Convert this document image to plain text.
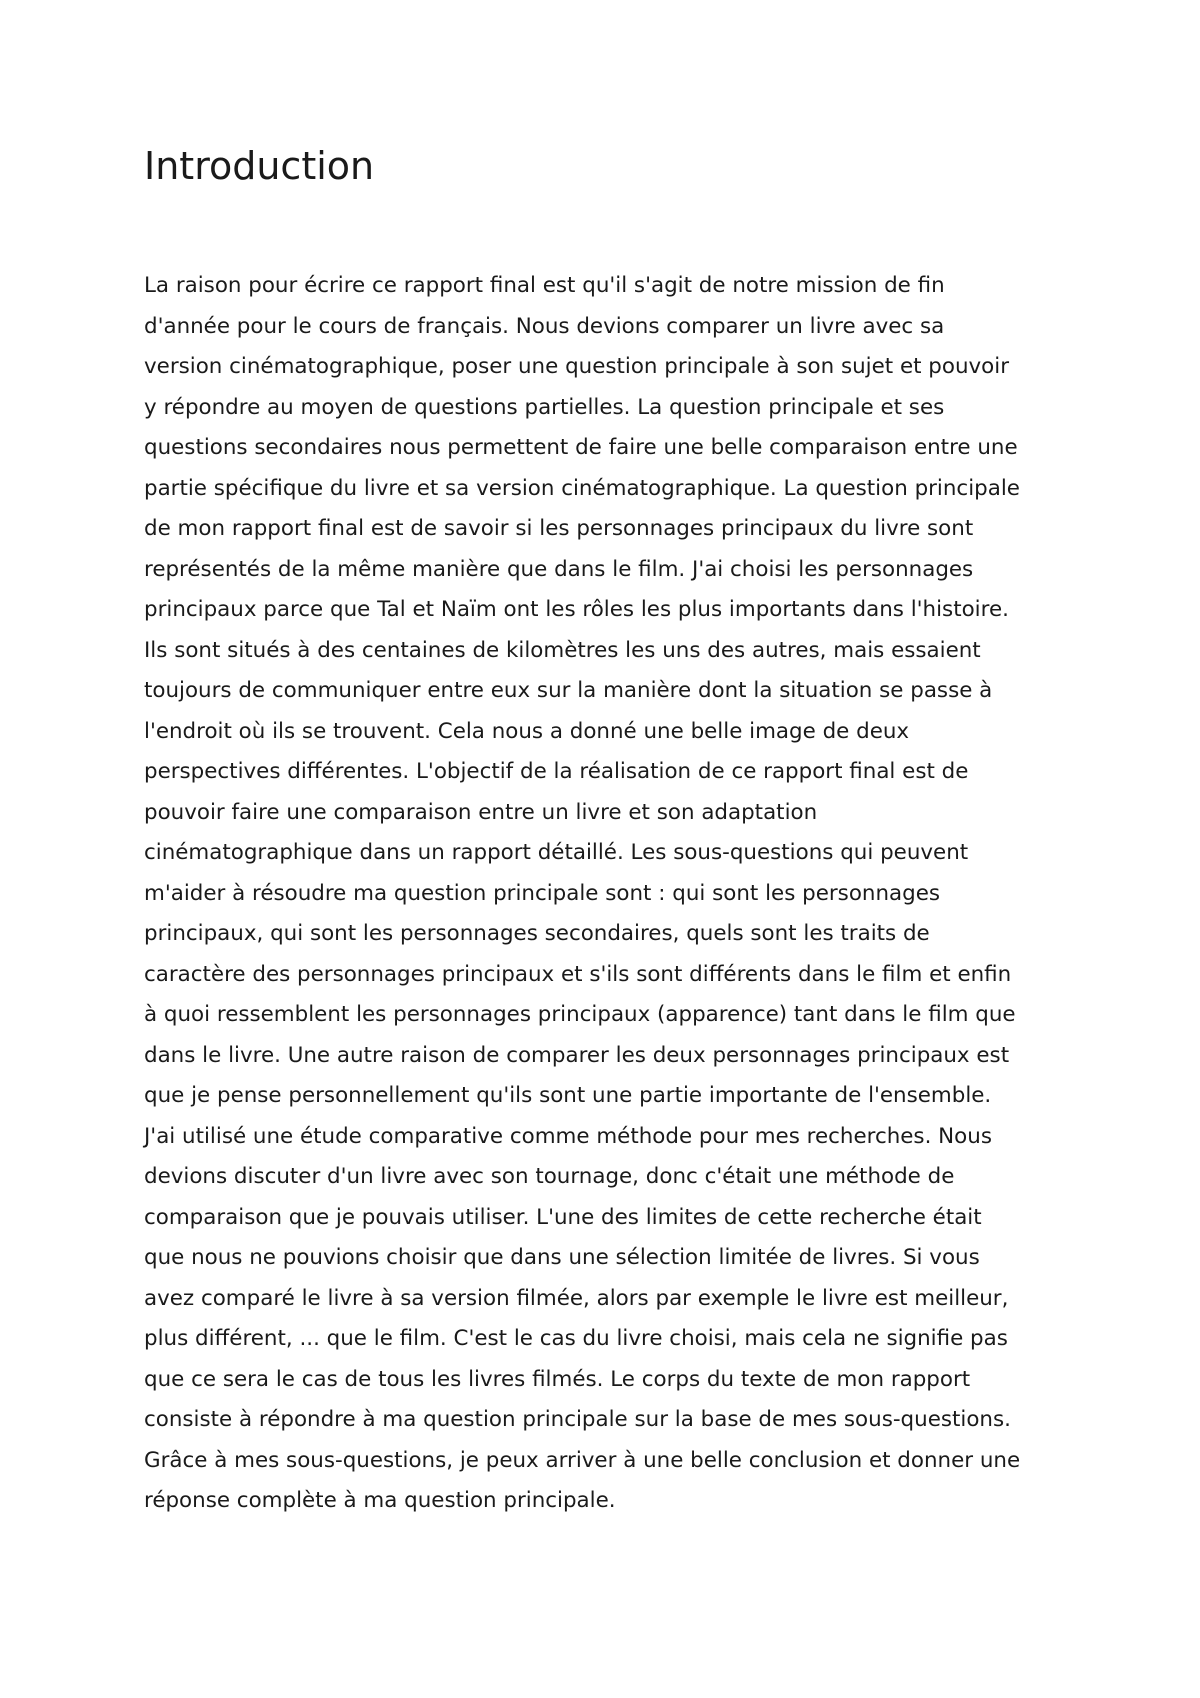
Introduction
La raison pour écrire ce rapport final est qu'il s'agit de notre mission de fin
d'année pour le cours de français. Nous devions comparer un livre avec sa
version cinématographique, poser une question principale à son sujet et pouvoir
y répondre au moyen de questions partielles. La question principale et ses
questions secondaires nous permettent de faire une belle comparaison entre une
partie spécifique du livre et sa version cinématographique. La question principale
de mon rapport final est de savoir si les personnages principaux du livre sont
représentés de la même manière que dans le film. J'ai choisi les personnages
principaux parce que Tal et Naïm ont les rôles les plus importants dans l'histoire.
Ils sont situés à des centaines de kilomètres les uns des autres, mais essaient
toujours de communiquer entre eux sur la manière dont la situation se passe à
l'endroit où ils se trouvent. Cela nous a donné une belle image de deux
perspectives différentes. L'objectif de la réalisation de ce rapport final est de
pouvoir faire une comparaison entre un livre et son adaptation
cinématographique dans un rapport détaillé. Les sous-questions qui peuvent
m'aider à résoudre ma question principale sont : qui sont les personnages
principaux, qui sont les personnages secondaires, quels sont les traits de
caractère des personnages principaux et s'ils sont différents dans le film et enfin
à quoi ressemblent les personnages principaux (apparence) tant dans le film que
dans le livre. Une autre raison de comparer les deux personnages principaux est
que je pense personnellement qu'ils sont une partie importante de l'ensemble.
J'ai utilisé une étude comparative comme méthode pour mes recherches. Nous
devions discuter d'un livre avec son tournage, donc c'était une méthode de
comparaison que je pouvais utiliser. L'une des limites de cette recherche était
que nous ne pouvions choisir que dans une sélection limitée de livres. Si vous
avez comparé le livre à sa version filmée, alors par exemple le livre est meilleur,
plus différent, ... que le film. C'est le cas du livre choisi, mais cela ne signifie pas
que ce sera le cas de tous les livres filmés. Le corps du texte de mon rapport
consiste à répondre à ma question principale sur la base de mes sous-questions.
Grâce à mes sous-questions, je peux arriver à une belle conclusion et donner une
réponse complète à ma question principale.
